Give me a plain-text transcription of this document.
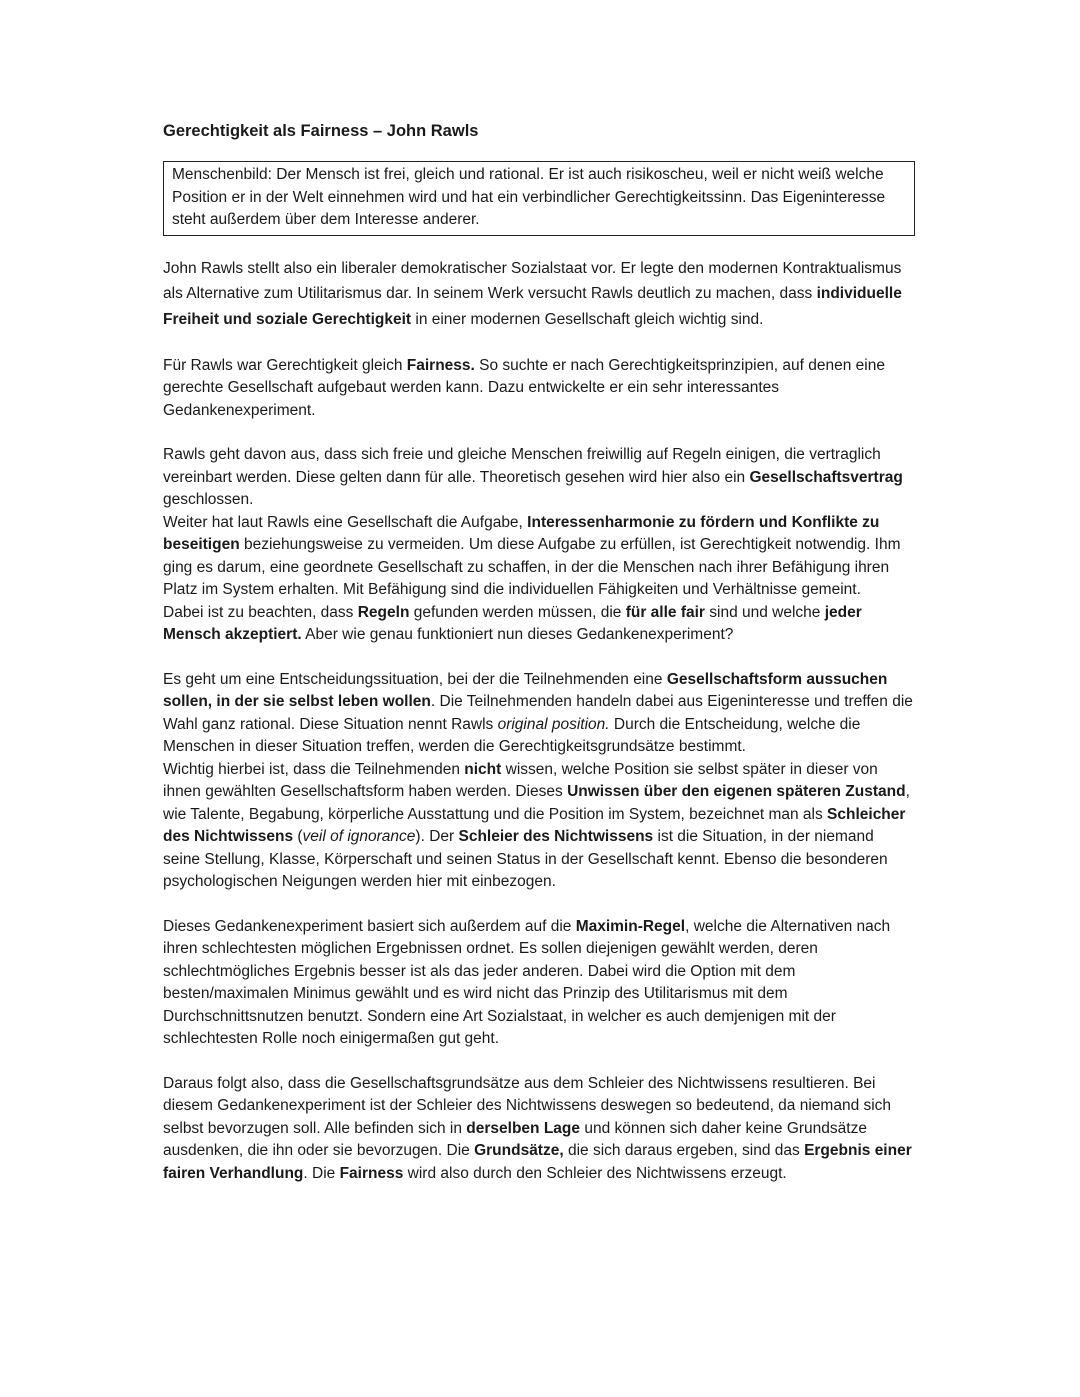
Gerechtigkeit als Fairness – John Rawls
Menschenbild: Der Mensch ist frei, gleich und rational. Er ist auch risikoscheu, weil er nicht weiß welche Position er in der Welt einnehmen wird und hat ein verbindlicher Gerechtigkeitssinn. Das Eigeninteresse steht außerdem über dem Interesse anderer.
John Rawls stellt also ein liberaler demokratischer Sozialstaat vor. Er legte den modernen Kontraktualismus als Alternative zum Utilitarismus dar. In seinem Werk versucht Rawls deutlich zu machen, dass individuelle Freiheit und soziale Gerechtigkeit in einer modernen Gesellschaft gleich wichtig sind.
Für Rawls war Gerechtigkeit gleich Fairness. So suchte er nach Gerechtigkeitsprinzipien, auf denen eine gerechte Gesellschaft aufgebaut werden kann. Dazu entwickelte er ein sehr interessantes Gedankenexperiment.

Rawls geht davon aus, dass sich freie und gleiche Menschen freiwillig auf Regeln einigen, die vertraglich vereinbart werden. Diese gelten dann für alle. Theoretisch gesehen wird hier also ein Gesellschaftsvertrag geschlossen.

Weiter hat laut Rawls eine Gesellschaft die Aufgabe, Interessenharmonie zu fördern und Konflikte zu beseitigen beziehungsweise zu vermeiden. Um diese Aufgabe zu erfüllen, ist Gerechtigkeit notwendig. Ihm ging es darum, eine geordnete Gesellschaft zu schaffen, in der die Menschen nach ihrer Befähigung ihren Platz im System erhalten. Mit Befähigung sind die individuellen Fähigkeiten und Verhältnisse gemeint.

Dabei ist zu beachten, dass Regeln gefunden werden müssen, die für alle fair sind und welche jeder Mensch akzeptiert. Aber wie genau funktioniert nun dieses Gedankenexperiment?

Es geht um eine Entscheidungssituation, bei der die Teilnehmenden eine Gesellschaftsform aussuchen sollen, in der sie selbst leben wollen. Die Teilnehmenden handeln dabei aus Eigeninteresse und treffen die Wahl ganz rational. Diese Situation nennt Rawls original position. Durch die Entscheidung, welche die Menschen in dieser Situation treffen, werden die Gerechtigkeitsgrundsätze bestimmt.

Wichtig hierbei ist, dass die Teilnehmenden nicht wissen, welche Position sie selbst später in dieser von ihnen gewählten Gesellschaftsform haben werden. Dieses Unwissen über den eigenen späteren Zustand, wie Talente, Begabung, körperliche Ausstattung und die Position im System, bezeichnet man als Schleicher des Nichtwissens (veil of ignorance). Der Schleier des Nichtwissens ist die Situation, in der niemand seine Stellung, Klasse, Körperschaft und seinen Status in der Gesellschaft kennt. Ebenso die besonderen psychologischen Neigungen werden hier mit einbezogen.

Dieses Gedankenexperiment basiert sich außerdem auf die Maximin-Regel, welche die Alternativen nach ihren schlechtesten möglichen Ergebnissen ordnet. Es sollen diejenigen gewählt werden, deren schlechtmögliches Ergebnis besser ist als das jeder anderen. Dabei wird die Option mit dem besten/maximalen Minimus gewählt und es wird nicht das Prinzip des Utilitarismus mit dem Durchschnittsnutzen benutzt. Sondern eine Art Sozialstaat, in welcher es auch demjenigen mit der schlechtesten Rolle noch einigermaßen gut geht.
Daraus folgt also, dass die Gesellschaftsgrundsätze aus dem Schleier des Nichtwissens resultieren. Bei diesem Gedankenexperiment ist der Schleier des Nichtwissens deswegen so bedeutend, da niemand sich selbst bevorzugen soll. Alle befinden sich in derselben Lage und können sich daher keine Grundsätze ausdenken, die ihn oder sie bevorzugen. Die Grundsätze, die sich daraus ergeben, sind das Ergebnis einer fairen Verhandlung. Die Fairness wird also durch den Schleier des Nichtwissens erzeugt.
